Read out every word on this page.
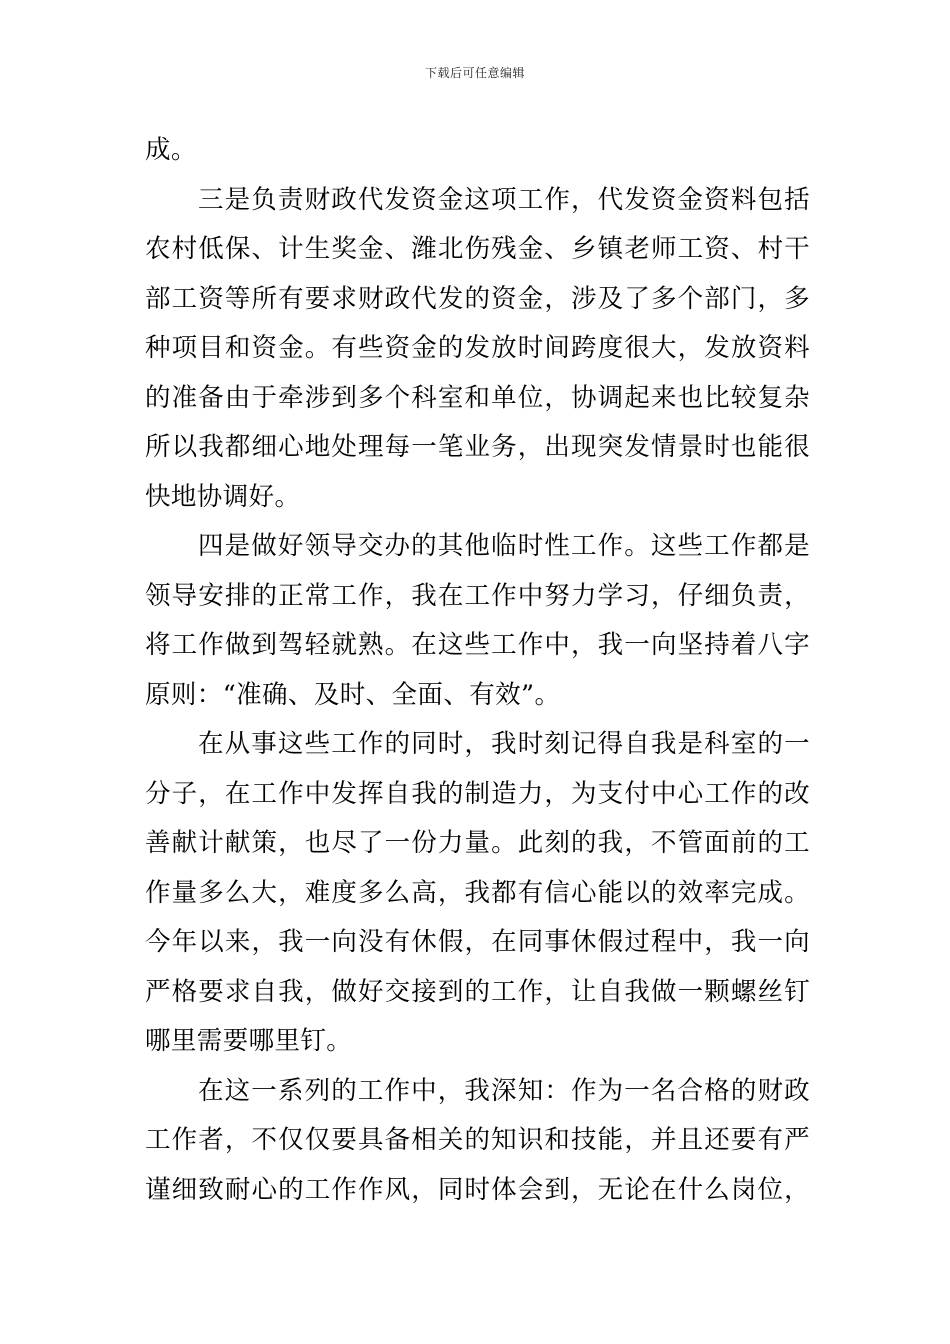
下载后可任意编辑
成。
三是负责财政代发资金这项工作，代发资金资料包括
农村低保、计生奖金、潍北伤残金、乡镇老师工资、村干
部工资等所有要求财政代发的资金，涉及了多个部门，多
种项目和资金。有些资金的发放时间跨度很大，发放资料
的准备由于牵涉到多个科室和单位，协调起来也比较复杂
所以我都细心地处理每一笔业务，出现突发情景时也能很
快地协调好。
四是做好领导交办的其他临时性工作。这些工作都是
领导安排的正常工作，我在工作中努力学习，仔细负责，
将工作做到驾轻就熟。在这些工作中，我一向坚持着八字
原则：“准确、及时、全面、有效”。
在从事这些工作的同时，我时刻记得自我是科室的一
分子，在工作中发挥自我的制造力，为支付中心工作的改
善献计献策，也尽了一份力量。此刻的我，不管面前的工
作量多么大，难度多么高，我都有信心能以的效率完成。
今年以来，我一向没有休假，在同事休假过程中，我一向
严格要求自我，做好交接到的工作，让自我做一颗螺丝钉
哪里需要哪里钉。
在这一系列的工作中，我深知：作为一名合格的财政
工作者，不仅仅要具备相关的知识和技能，并且还要有严
谨细致耐心的工作作风，同时体会到，无论在什么岗位，
